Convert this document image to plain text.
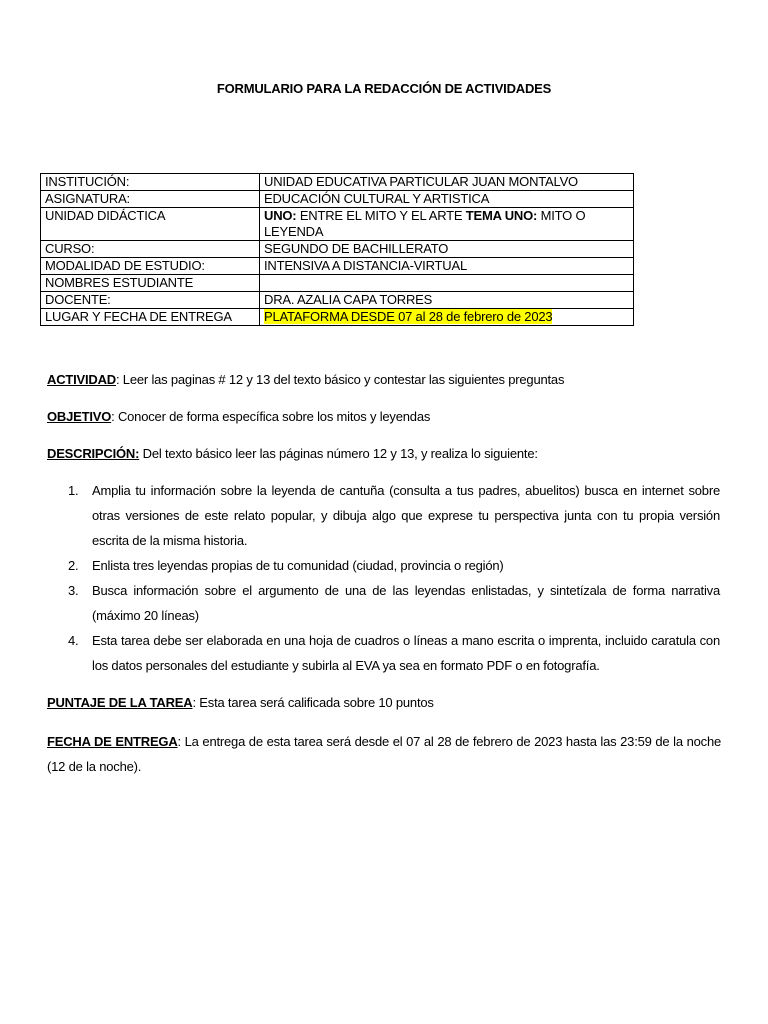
FORMULARIO PARA LA REDACCIÓN DE ACTIVIDADES
INSTITUCIÓN:	UNIDAD EDUCATIVA PARTICULAR JUAN MONTALVO
ASIGNATURA:	EDUCACIÓN CULTURAL Y ARTISTICA
UNIDAD DIDÁCTICA	UNO: ENTRE EL MITO Y EL ARTE TEMA UNO: MITO O LEYENDA
CURSO:	SEGUNDO DE BACHILLERATO
MODALIDAD DE ESTUDIO:	INTENSIVA A DISTANCIA-VIRTUAL
NOMBRES ESTUDIANTE	
DOCENTE:	DRA. AZALIA CAPA TORRES
LUGAR Y FECHA DE ENTREGA	PLATAFORMA DESDE 07 al 28 de febrero de 2023
ACTIVIDAD: Leer las paginas # 12 y 13 del texto básico y contestar las siguientes preguntas
OBJETIVO: Conocer de forma específica sobre los mitos y leyendas
DESCRIPCIÓN: Del texto básico leer las páginas número 12 y 13, y realiza lo siguiente:
1. Amplia tu información sobre la leyenda de cantuña (consulta a tus padres, abuelitos) busca en internet sobre otras versiones de este relato popular, y dibuja algo que exprese tu perspectiva junta con tu propia versión escrita de la misma historia.
2. Enlista tres leyendas propias de tu comunidad (ciudad, provincia o región)
3. Busca información sobre el argumento de una de las leyendas enlistadas, y sintetízala de forma narrativa (máximo 20 líneas)
4. Esta tarea debe ser elaborada en una hoja de cuadros o líneas a mano escrita o imprenta, incluido caratula con los datos personales del estudiante y subirla al EVA ya sea en formato PDF o en fotografía.
PUNTAJE DE LA TAREA: Esta tarea será calificada sobre 10 puntos
FECHA DE ENTREGA: La entrega de esta tarea será desde el 07 al 28 de febrero de 2023 hasta las 23:59 de la noche (12 de la noche).
